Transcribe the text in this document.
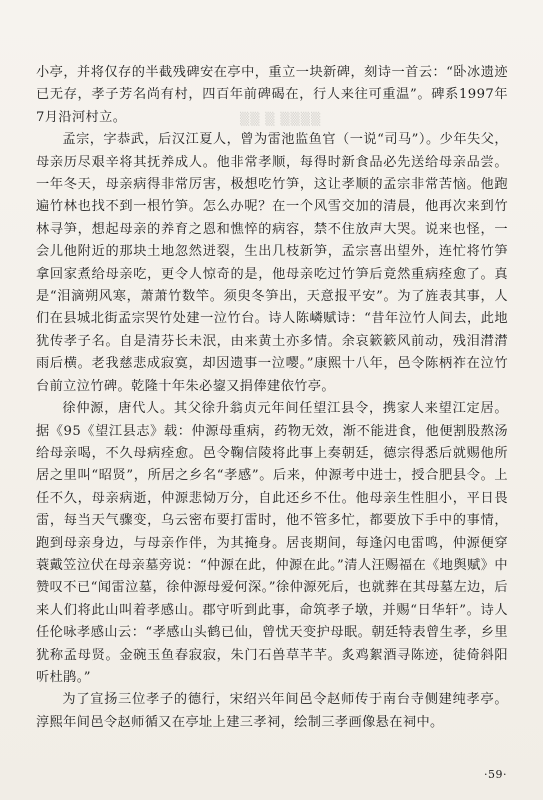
▒▒ ▒ ▒▒▒▒

小亭，并将仅存的半截残碑安在亭中，重立一块新碑，刻诗一首云：“卧冰遗迹已无存，孝子芳名尚有村，四百年前碑碣在，行人来往可重温”。碑系1997年7月沿河村立。

孟宗，字恭武，后汉江夏人，曾为雷池监鱼官（一说“司马”）。少年失父，母亲历尽艰辛将其抚养成人。他非常孝顺，每得时新食品必先送给母亲品尝。一年冬天，母亲病得非常厉害，极想吃竹笋，这让孝顺的孟宗非常苦恼。他跑遍竹林也找不到一根竹笋。怎么办呢？在一个风雪交加的清晨，他再次来到竹林寻笋，想起母亲的养育之恩和憔悴的病容，禁不住放声大哭。说来也怪，一会儿他附近的那块土地忽然迸裂，生出几枝新笋，孟宗喜出望外，连忙将竹笋拿回家煮给母亲吃，更令人惊奇的是，他母亲吃过竹笋后竟然重病痊愈了。真是“泪滴朔风寒，萧萧竹数竿。须臾冬笋出，天意报平安”。为了旌表其事，人们在县城北街孟宗哭竹处建一泣竹台。诗人陈嶙赋诗：“昔年泣竹人间去，此地犹传孝子名。自是清芬长未泯，由来黄土亦多情。余哀簌簌风前动，残泪潸潸雨后横。老我慈悲成寂寞，却因遗事一泣嘤。”康熙十八年，邑令陈柄祚在泣竹台前立泣竹碑。乾隆十年朱必鋆又捐俸建依竹亭。

徐仲源，唐代人。其父徐升翁贞元年间任望江县令，携家人来望江定居。据《95《望江县志》载：仲源母重病，药物无效，渐不能进食，他便割股熬汤给母亲喝，不久母病痊愈。邑令鞠信陵将此事上奏朝廷，德宗得悉后就赐他所居之里叫“昭贤”，所居之乡名“孝感”。后来，仲源考中进士，授合肥县令。上任不久，母亲病逝，仲源悲恸万分，自此还乡不仕。他母亲生性胆小，平日畏雷，每当天气骤变，乌云密布要打雷时，他不管多忙，都要放下手中的事情，跑到母亲身边，与母亲作伴，为其掩身。居丧期间，每逢闪电雷鸣，仲源便穿蓑戴笠泣伏在母亲墓旁说：“仲源在此，仲源在此。”清人汪赐福在《地舆赋》中赞叹不已“闻雷泣墓，徐仲源母爱何深。”徐仲源死后，也就葬在其母墓左边，后来人们将此山叫着孝感山。郡守听到此事，命筑孝子墩，并赐“日华轩”。诗人任伦咏孝感山云：“孝感山头鹤已仙，曾忧天变护母眠。朝廷特表曾生孝，乡里犹称孟母贤。金碗玉鱼春寂寂，朱门石兽草芊芊。炙鸡絮酒寻陈迹，徒倚斜阳听杜鹃。”

为了宣扬三位孝子的德行，宋绍兴年间邑令赵师传于南台寺侧建纯孝亭。淳熙年间邑令赵师循又在亭址上建三孝祠，绘制三孝画像悬在祠中。

·59·
